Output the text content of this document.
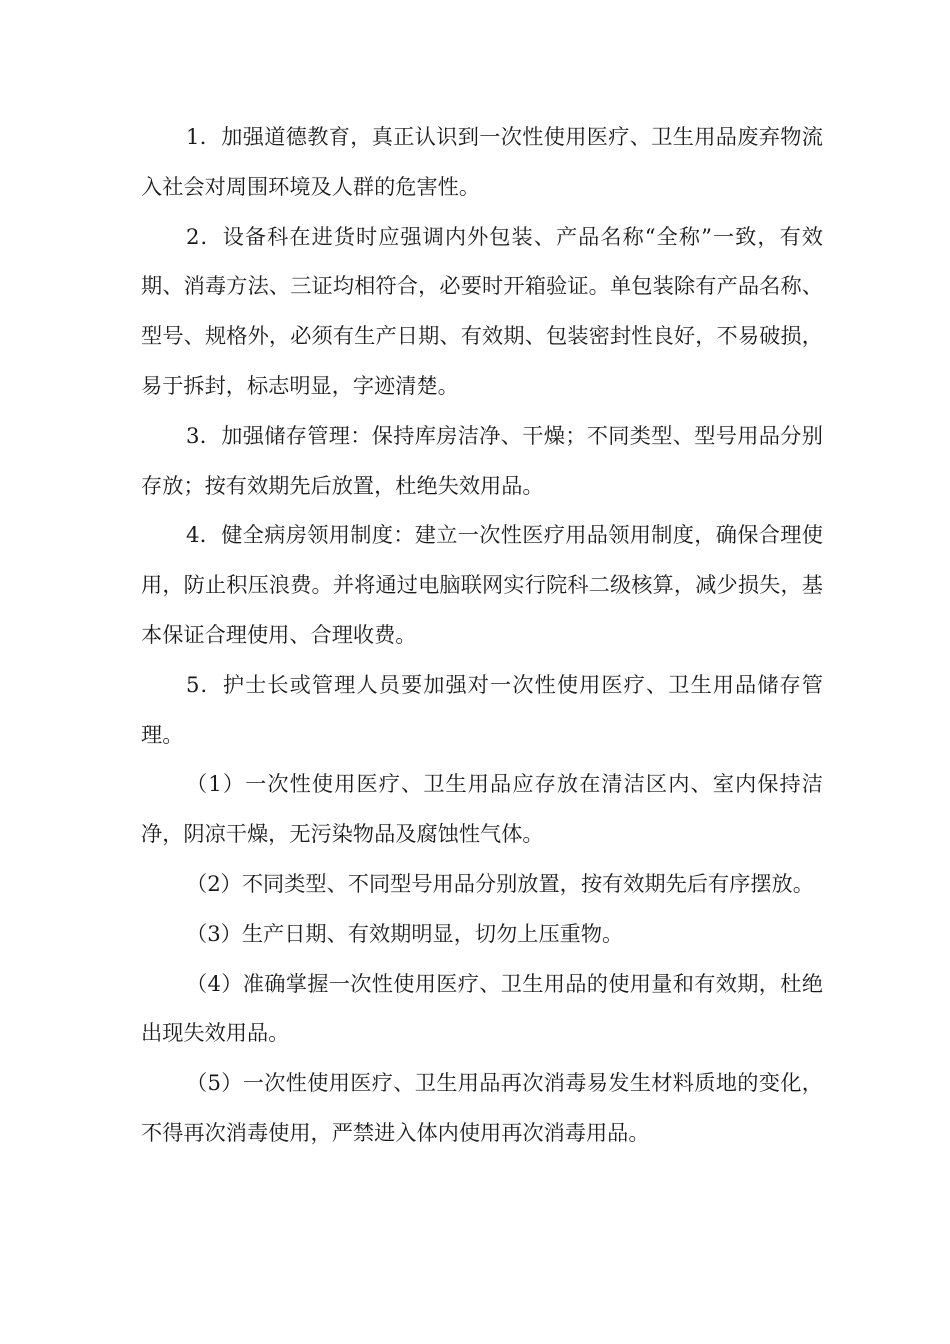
1．加强道德教育，真正认识到一次性使用医疗、卫生用品废弃物流入社会对周围环境及人群的危害性。

2．设备科在进货时应强调内外包装、产品名称“全称”一致，有效期、消毒方法、三证均相符合，必要时开箱验证。单包装除有产品名称、型号、规格外，必须有生产日期、有效期、包装密封性良好，不易破损，易于拆封，标志明显，字迹清楚。

3．加强储存管理：保持库房洁净、干燥；不同类型、型号用品分别存放；按有效期先后放置，杜绝失效用品。

4．健全病房领用制度：建立一次性医疗用品领用制度，确保合理使用，防止积压浪费。并将通过电脑联网实行院科二级核算，减少损失，基本保证合理使用、合理收费。

5．护士长或管理人员要加强对一次性使用医疗、卫生用品储存管理。

（1）一次性使用医疗、卫生用品应存放在清洁区内、室内保持洁净，阴凉干燥，无污染物品及腐蚀性气体。

（2）不同类型、不同型号用品分别放置，按有效期先后有序摆放。

（3）生产日期、有效期明显，切勿上压重物。

（4）准确掌握一次性使用医疗、卫生用品的使用量和有效期，杜绝出现失效用品。

（5）一次性使用医疗、卫生用品再次消毒易发生材料质地的变化，不得再次消毒使用，严禁进入体内使用再次消毒用品。
